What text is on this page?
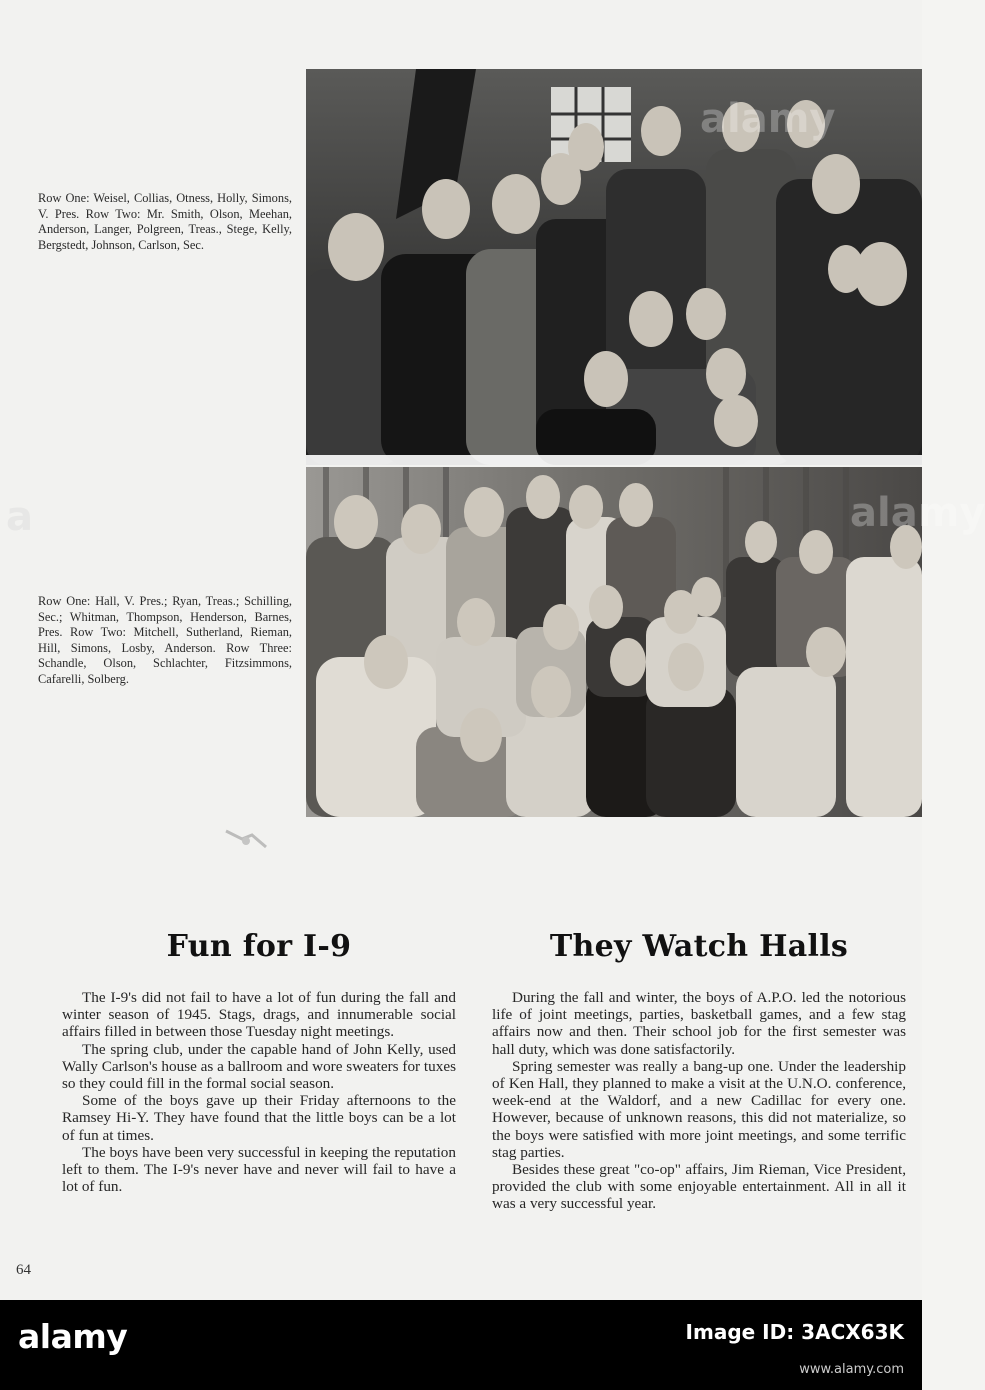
Row One: Weisel, Collias, Otness, Holly, Simons, V. Pres. Row Two: Mr. Smith, Olson, Meehan, Anderson, Langer, Polgreen, Treas., Stege, Kelly, Bergstedt, Johnson, Carlson, Sec.
Row One: Hall, V. Pres.; Ryan, Treas.; Schilling, Sec.; Whitman, Thompson, Henderson, Barnes, Pres. Row Two: Mitchell, Sutherland, Rieman, Hill, Simons, Losby, Anderson. Row Three: Schandle, Olson, Schlachter, Fitzsimmons, Cafarelli, Solberg.
Fun for I-9

The I-9's did not fail to have a lot of fun during the fall and winter season of 1945. Stags, drags, and innumerable social affairs filled in between those Tuesday night meetings.

The spring club, under the capable hand of John Kelly, used Wally Carlson's house as a ballroom and wore sweaters for tuxes so they could fill in the formal social season.

Some of the boys gave up their Friday afternoons to the Ramsey Hi-Y. They have found that the little boys can be a lot of fun at times.

The boys have been very successful in keeping the reputation left to them. The I-9's never have and never will fail to have a lot of fun.

They Watch Halls

During the fall and winter, the boys of A.P.O. led the notorious life of joint meetings, parties, basketball games, and a few stag affairs now and then. Their school job for the first semester was hall duty, which was done satisfactorily.

Spring semester was really a bang-up one. Under the leadership of Ken Hall, they planned to make a visit at the U.N.O. conference, week-end at the Waldorf, and a new Cadillac for every one. However, because of unknown reasons, this did not materialize, so the boys were satisfied with more joint meetings, and some terrific stag parties.

Besides these great "co-op" affairs, Jim Rieman, Vice President, provided the club with some enjoyable entertainment. All in all it was a very successful year.

64
alamy
alamy
a
alamy	Image ID: 3ACX63K
www.alamy.com
